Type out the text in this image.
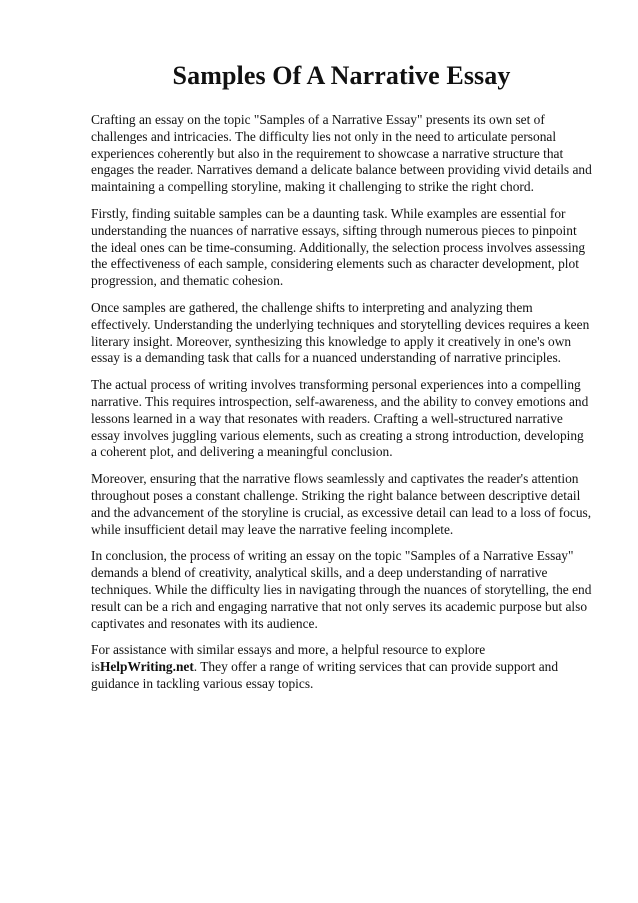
Samples Of A Narrative Essay

Crafting an essay on the topic "Samples of a Narrative Essay" presents its own set of challenges and intricacies. The difficulty lies not only in the need to articulate personal experiences coherently but also in the requirement to showcase a narrative structure that engages the reader. Narratives demand a delicate balance between providing vivid details and maintaining a compelling storyline, making it challenging to strike the right chord.

Firstly, finding suitable samples can be a daunting task. While examples are essential for understanding the nuances of narrative essays, sifting through numerous pieces to pinpoint the ideal ones can be time-consuming. Additionally, the selection process involves assessing the effectiveness of each sample, considering elements such as character development, plot progression, and thematic cohesion.

Once samples are gathered, the challenge shifts to interpreting and analyzing them effectively. Understanding the underlying techniques and storytelling devices requires a keen literary insight. Moreover, synthesizing this knowledge to apply it creatively in one's own essay is a demanding task that calls for a nuanced understanding of narrative principles.

The actual process of writing involves transforming personal experiences into a compelling narrative. This requires introspection, self-awareness, and the ability to convey emotions and lessons learned in a way that resonates with readers. Crafting a well-structured narrative essay involves juggling various elements, such as creating a strong introduction, developing a coherent plot, and delivering a meaningful conclusion.

Moreover, ensuring that the narrative flows seamlessly and captivates the reader's attention throughout poses a constant challenge. Striking the right balance between descriptive detail and the advancement of the storyline is crucial, as excessive detail can lead to a loss of focus, while insufficient detail may leave the narrative feeling incomplete.

In conclusion, the process of writing an essay on the topic "Samples of a Narrative Essay" demands a blend of creativity, analytical skills, and a deep understanding of narrative techniques. While the difficulty lies in navigating through the nuances of storytelling, the end result can be a rich and engaging narrative that not only serves its academic purpose but also captivates and resonates with its audience.

For assistance with similar essays and more, a helpful resource to explore isHelpWriting.net. They offer a range of writing services that can provide support and guidance in tackling various essay topics.
